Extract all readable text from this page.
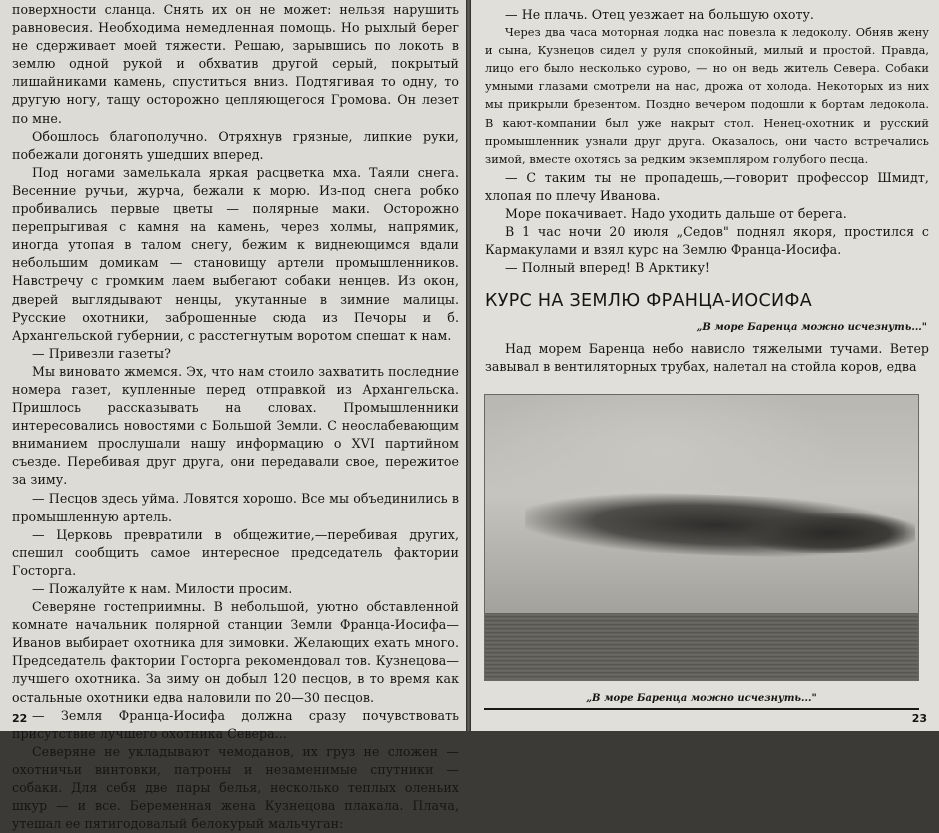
поверхности сланца. Снять их он не может: нельзя нарушить равновесия. Необходима немедленная помощь. Но рыхлый берег не сдерживает моей тяжести. Решаю, зарывшись по локоть в землю одной рукой и обхватив другой серый, покрытый лишайниками камень, спуститься вниз. Подтягивая то одну, то другую ногу, тащу осторожно цепляющегося Громова. Он лезет по мне.

Обошлось благополучно. Отряхнув грязные, липкие руки, побежали догонять ушедших вперед.

Под ногами замелькала яркая расцветка мха. Таяли снега. Весенние ручьи, журча, бежали к морю. Из-под снега робко пробивались первые цветы — полярные маки. Осторожно перепрыгивая с камня на камень, через холмы, напрямик, иногда утопая в талом снегу, бежим к виднеющимся вдали небольшим домикам — становищу артели промышленников. Навстречу с громким лаем выбегают собаки ненцев. Из окон, дверей выглядывают ненцы, укутанные в зимние малицы. Русские охотники, заброшенные сюда из Печоры и б. Архангельской губернии, с расстегнутым воротом спешат к нам.

— Привезли газеты?

Мы виновато жмемся. Эх, что нам стоило захватить последние номера газет, купленные перед отправкой из Архангельска. Пришлось рассказывать на словах. Промышленники интересовались новостями с Большой Земли. С неослабевающим вниманием прослушали нашу информацию о XVI партийном съезде. Перебивая друг друга, они передавали свое, пережитое за зиму.

— Песцов здесь уйма. Ловятся хорошо. Все мы объединились в промышленную артель.

— Церковь превратили в общежитие,—перебивая других, спешил сообщить самое интересное председатель фактории Госторга.

— Пожалуйте к нам. Милости просим.

Северяне гостеприимны. В небольшой, уютно обставленной комнате начальник полярной станции Земли Франца-Иосифа—Иванов выбирает охотника для зимовки. Желающих ехать много. Председатель фактории Госторга рекомендовал тов. Кузнецова—лучшего охотника. За зиму он добыл 120 песцов, в то время как остальные охотники едва наловили по 20—30 песцов.

— Земля Франца-Иосифа должна сразу почувствовать присутствие лучшего охотника Севера...

Северяне не укладывают чемоданов, их груз не сложен — охотничьи винтовки, патроны и незаменимые спутники — собаки. Для себя две пары белья, несколько теплых оленьих шкур — и все. Беременная жена Кузнецова плакала. Плача, утешал ее пятигодовалый белокурый мальчуган:

22

— Не плачь. Отец уезжает на большую охоту.

Через два часа моторная лодка нас повезла к ледоколу. Обняв жену и сына, Кузнецов сидел у руля спокойный, милый и простой. Правда, лицо его было несколько сурово, — но он ведь житель Севера. Собаки умными глазами смотрели на нас, дрожа от холода. Некоторых из них мы прикрыли брезентом. Поздно вечером подошли к бортам ледокола. В кают-компании был уже накрыт стол. Ненец-охотник и русский промышленник узнали друг друга. Оказалось, они часто встречались зимой, вместе охотясь за редким экземпляром голубого песца.

— С таким ты не пропадешь,—говорит профессор Шмидт, хлопая по плечу Иванова.

Море покачивает. Надо уходить дальше от берега.

В 1 час ночи 20 июля „Седов" поднял якоря, простился с Кармакулами и взял курс на Землю Франца-Иосифа.

— Полный вперед! В Арктику!

КУРС НА ЗЕМЛЮ ФРАНЦА-ИОСИФА
„В море Баренца можно исчезнуть..."

Над морем Баренца небо нависло тяжелыми тучами. Ветер завывал в вентиляторных трубах, налетал на стойла коров, едва

23
„В море Баренца можно исчезнуть..."
